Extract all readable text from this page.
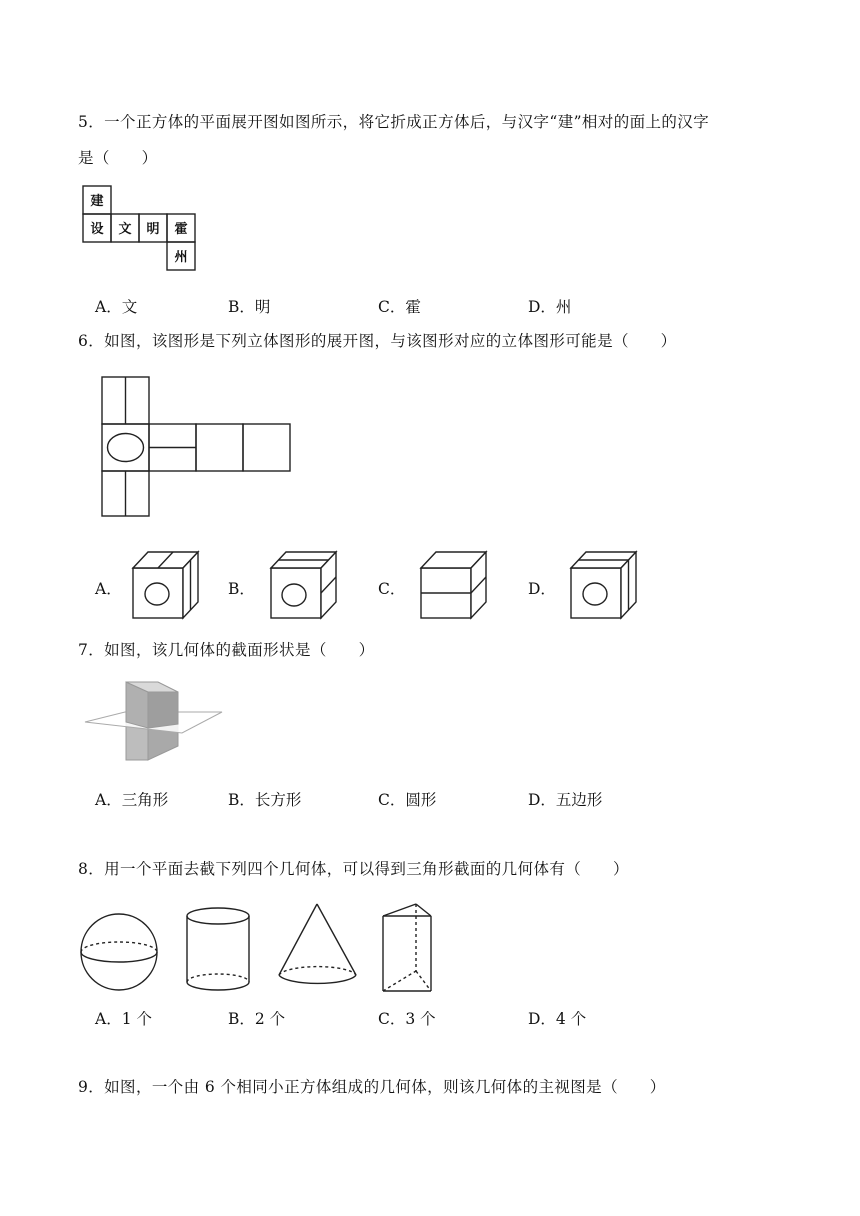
5．一个正方体的平面展开图如图所示，将它折成正方体后，与汉字“建”相对的面上的汉字
是（　　）
建
设 文 明 霍
州
A．文	B．明	C．霍	D．州
6．如图，该图形是下列立体图形的展开图，与该图形对应的立体图形可能是（　　）
A．	B．	C．	D．
7．如图，该几何体的截面形状是（　　）
A．三角形	B．长方形	C．圆形	D．五边形
8．用一个平面去截下列四个几何体，可以得到三角形截面的几何体有（　　）
A．1 个	B．2 个	C．3 个	D．4 个
9．如图，一个由 6 个相同小正方体组成的几何体，则该几何体的主视图是（　　）
